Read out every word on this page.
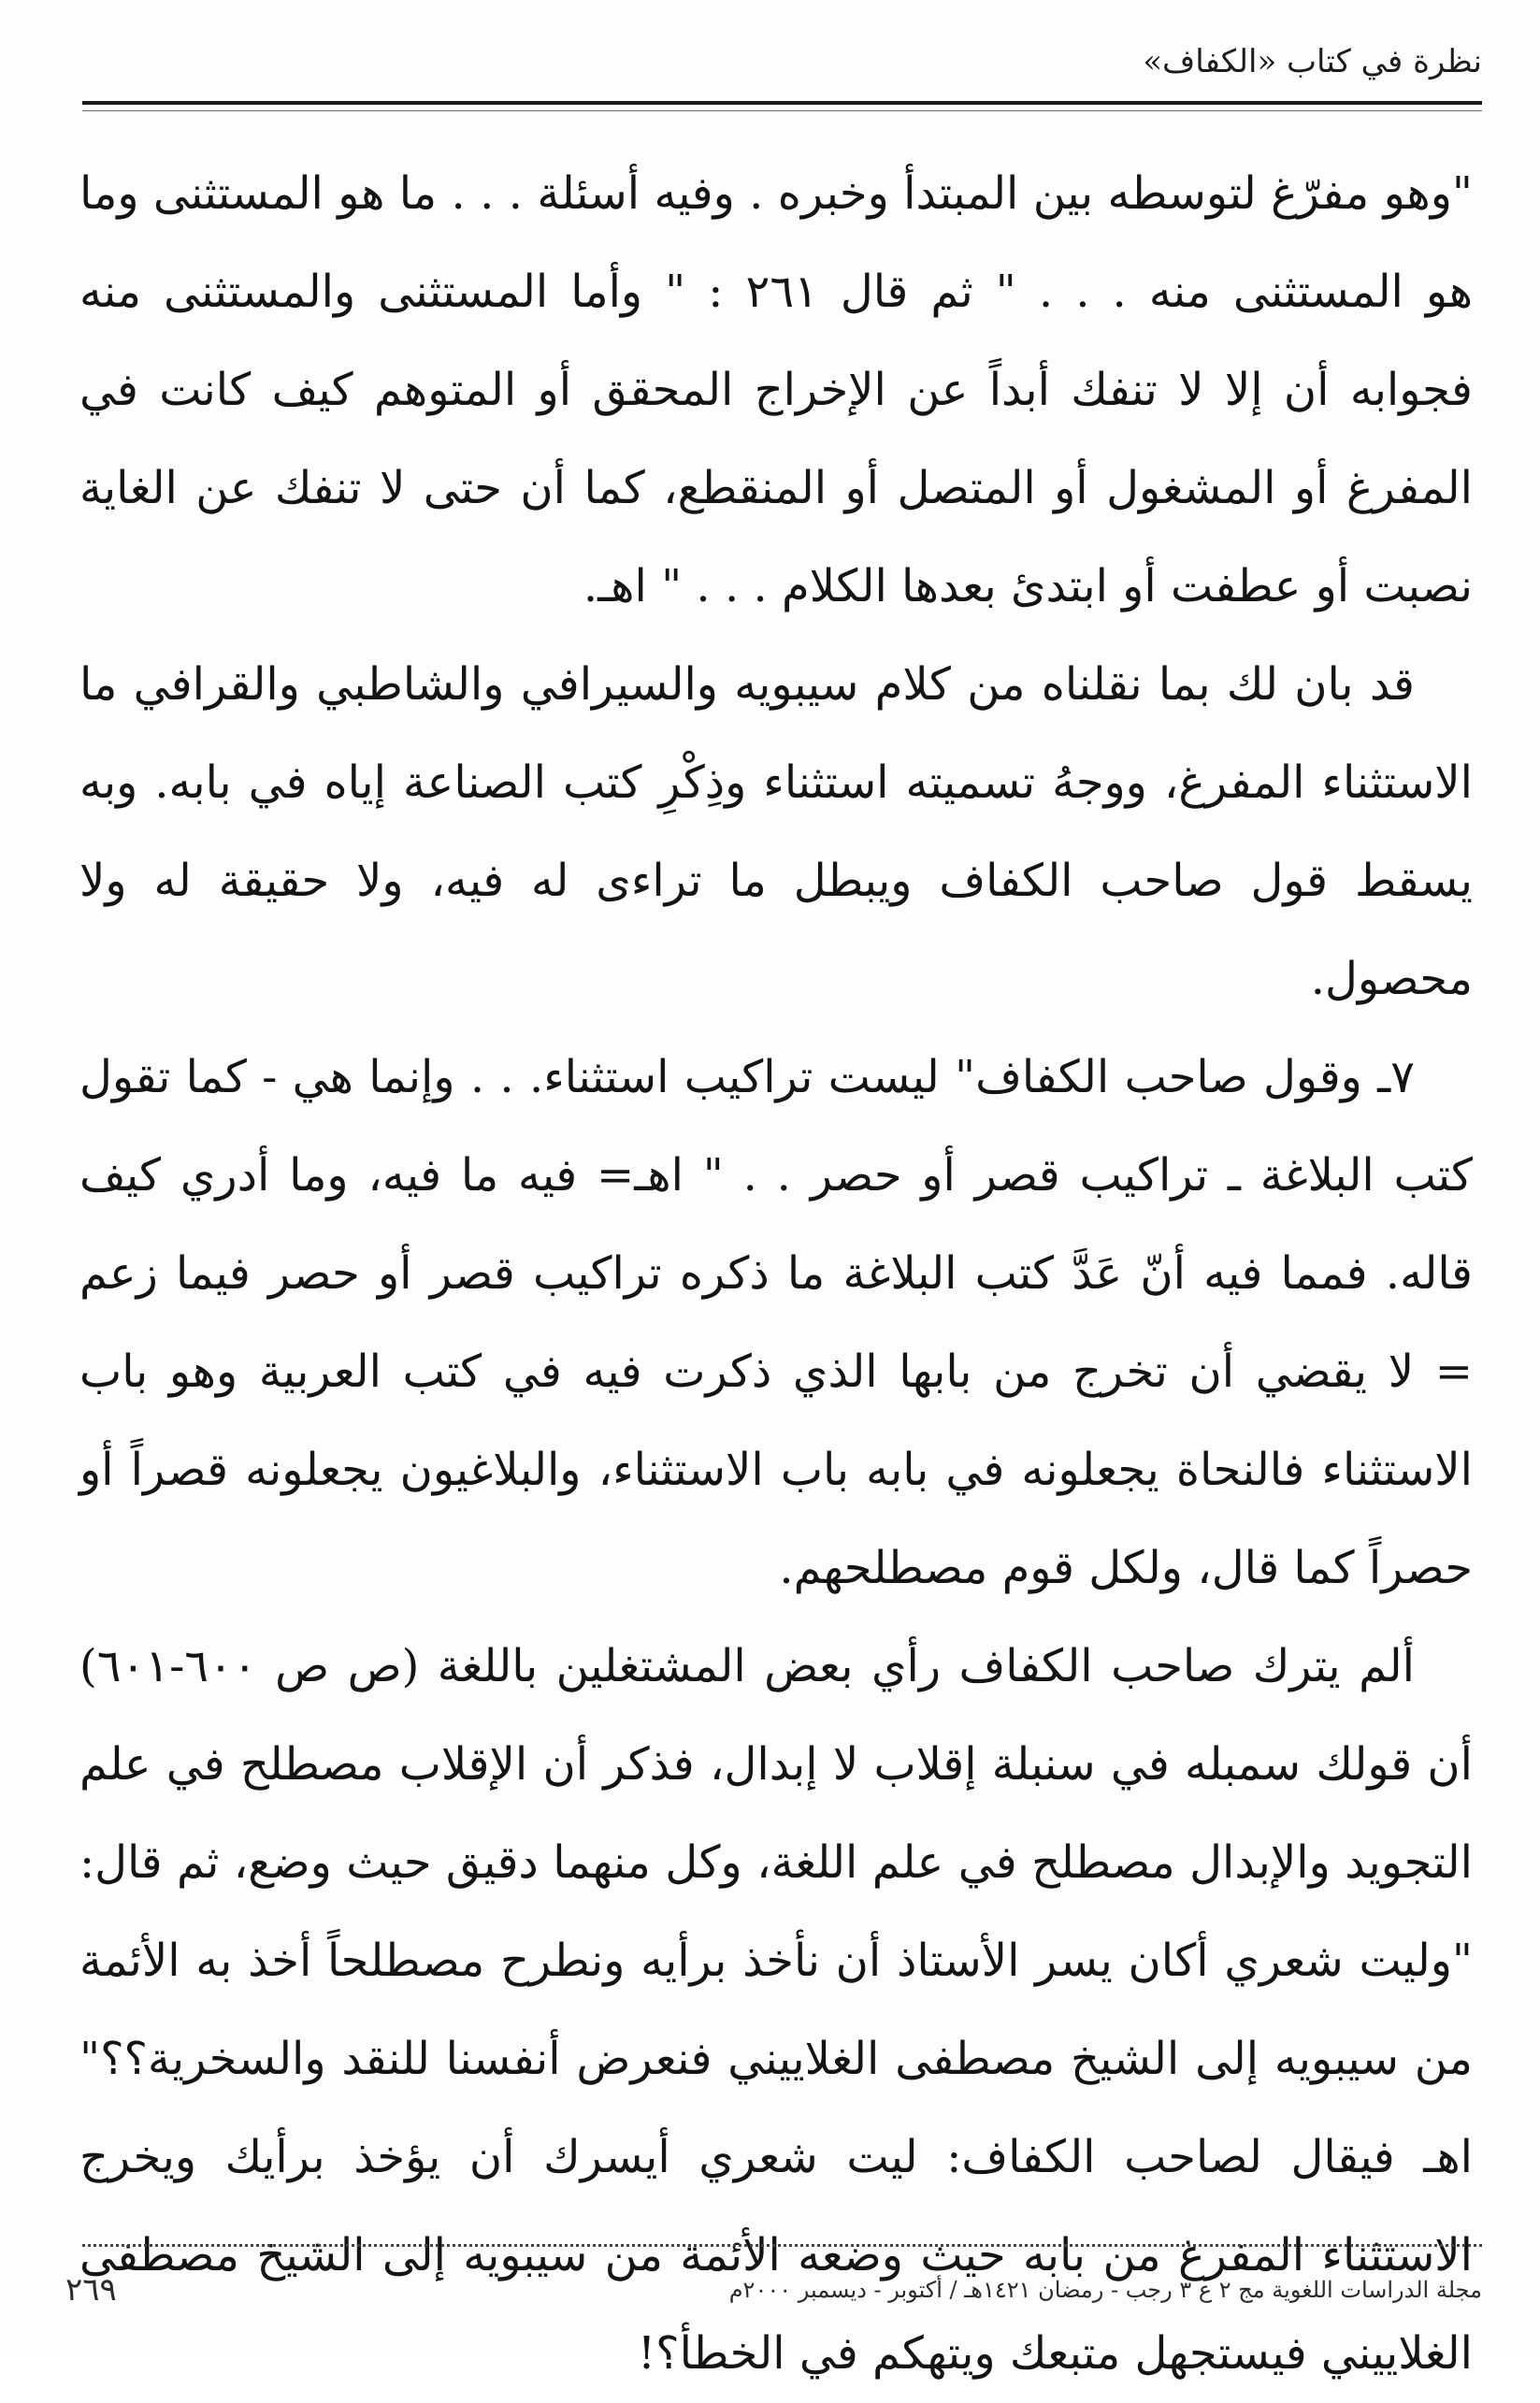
نظرة في كتاب «الكفاف»

"وهو مفرّغ لتوسطه بين المبتدأ وخبره . وفيه أسئلة . . . ما هو المستثنى وما هو المستثنى منه . . . " ثم قال ٢٦١ : " وأما المستثنى والمستثنى منه فجوابه أن إلا لا تنفك أبداً عن الإخراج المحقق أو المتوهم كيف كانت في المفرغ أو المشغول أو المتصل أو المنقطع، كما أن حتى لا تنفك عن الغاية نصبت أو عطفت أو ابتدئ بعدها الكلام . . . " اهـ.

قد بان لك بما نقلناه من كلام سيبويه والسيرافي والشاطبي والقرافي ما الاستثناء المفرغ، ووجهُ تسميته استثناء وذِكْرِ كتب الصناعة إياه في بابه. وبه يسقط قول صاحب الكفاف ويبطل ما تراءى له فيه، ولا حقيقة له ولا محصول.

٧ـ وقول صاحب الكفاف" ليست تراكيب استثناء. . . وإنما هي - كما تقول كتب البلاغة ـ تراكيب قصر أو حصر . . " اهـ= فيه ما فيه، وما أدري كيف قاله. فمما فيه أنّ عَدَّ كتب البلاغة ما ذكره تراكيب قصر أو حصر فيما زعم = لا يقضي أن تخرج من بابها الذي ذكرت فيه في كتب العربية وهو باب الاستثناء فالنحاة يجعلونه في بابه باب الاستثناء، والبلاغيون يجعلونه قصراً أو حصراً كما قال، ولكل قوم مصطلحهم.

ألم يترك صاحب الكفاف رأي بعض المشتغلين باللغة (ص ص ٦٠٠-٦٠١) أن قولك سمبله في سنبلة إقلاب لا إبدال، فذكر أن الإقلاب مصطلح في علم التجويد والإبدال مصطلح في علم اللغة، وكل منهما دقيق حيث وضع، ثم قال: "وليت شعري أكان يسر الأستاذ أن نأخذ برأيه ونطرح مصطلحاً أخذ به الأئمة من سيبويه إلى الشيخ مصطفى الغلاييني فنعرض أنفسنا للنقد والسخرية؟؟" اهـ فيقال لصاحب الكفاف: ليت شعري أيسرك أن يؤخذ برأيك ويخرج الاستثناء المفرغ من بابه حيث وضعه الأئمة من سيبويه إلى الشيخ مصطفى الغلاييني فيستجهل متبعك ويتهكم في الخطأ؟!

مجلة الدراسات اللغوية مج ٢ ع ٣ رجب - رمضان ١٤٢١هـ / أكتوبر - ديسمبر ٢٠٠٠م
٢٦٩
